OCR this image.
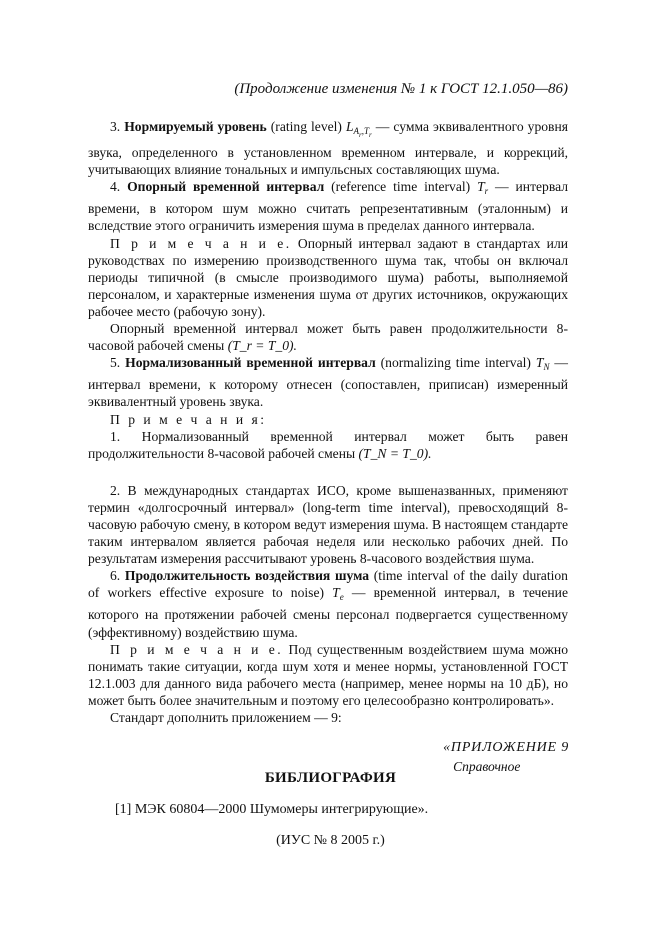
(Продолжение изменения № 1 к ГОСТ 12.1.050—86)

3. Нормируемый уровень (rating level) $L_{A_r,T_r}$ — сумма эквивалентного уровня звука, определенного в установленном временном интервале, и коррекций, учитывающих влияние тональных и импульсных составляющих шума.

4. Опорный временной интервал (reference time interval) $T_r$ — интервал времени, в котором шум можно считать репрезентативным (эталонным) и вследствие этого ограничить измерения шума в пределах данного интервала.

П р и м е ч а н и е. Опорный интервал задают в стандартах или руководствах по измерению производственного шума так, чтобы он включал периоды типичной (в смысле производимого шума) работы, выполняемой персоналом, и характерные изменения шума от других источников, окружающих рабочее место (рабочую зону).

Опорный временной интервал может быть равен продолжительности 8-часовой рабочей смены (T_r = T_0).

5. Нормализованный временной интервал (normalizing time interval) $T_N$ — интервал времени, к которому отнесен (сопоставлен, приписан) измеренный эквивалентный уровень звука.

П р и м е ч а н и я:

1. Нормализованный временной интервал может быть равен продолжительности 8-часовой рабочей смены (T_N = T_0).

2. В международных стандартах ИСО, кроме вышеназванных, применяют термин «долгосрочный интервал» (long-term time interval), превосходящий 8-часовую рабочую смену, в котором ведут измерения шума. В настоящем стандарте таким интервалом является рабочая неделя или несколько рабочих дней. По результатам измерения рассчитывают уровень 8-часового воздействия шума.

6. Продолжительность воздействия шума (time interval of the daily duration of workers effective exposure to noise) $T_e$ — временной интервал, в течение которого на протяжении рабочей смены персонал подвергается существенному (эффективному) воздействию шума.

П р и м е ч а н и е. Под существенным воздействием шума можно понимать такие ситуации, когда шум хотя и менее нормы, установленной ГОСТ 12.1.003 для данного вида рабочего места (например, менее нормы на 10 дБ), но может быть более значительным и поэтому его целесообразно контролировать».

Стандарт дополнить приложением — 9:

«ПРИЛОЖЕНИЕ 9
Справочное
БИБЛИОГРАФИЯ
[1] МЭК 60804—2000 Шумомеры интегрирующие».
(ИУС № 8 2005 г.)
